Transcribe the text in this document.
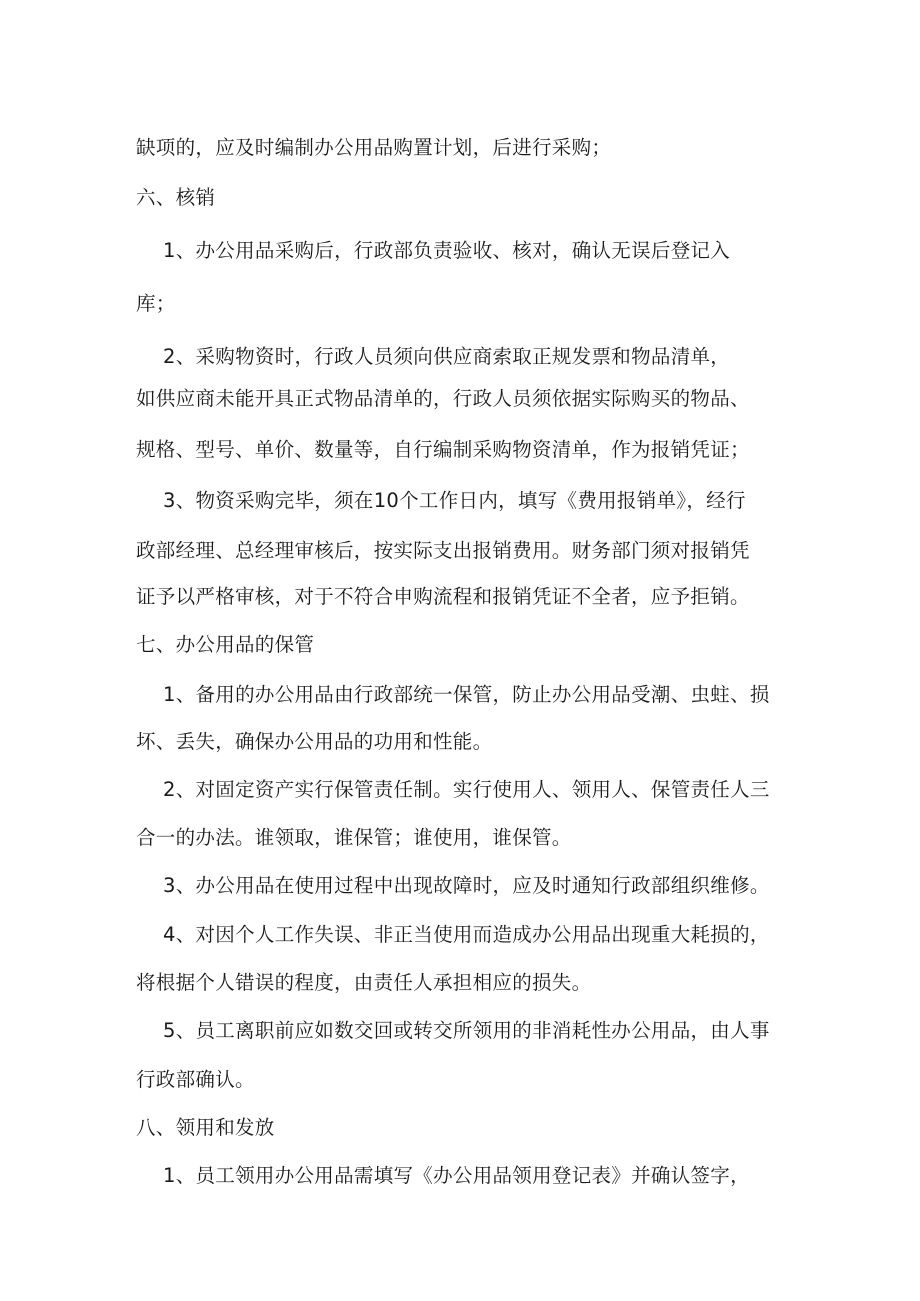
缺项的，应及时编制办公用品购置计划，后进行采购；
六、核销
1、办公用品采购后，行政部负责验收、核对，确认无误后登记入
库；
2、采购物资时，行政人员须向供应商索取正规发票和物品清单，
如供应商未能开具正式物品清单的，行政人员须依据实际购买的物品、
规格、型号、单价、数量等，自行编制采购物资清单，作为报销凭证；
3、物资采购完毕，须在10个工作日内，填写《费用报销单》，经行
政部经理、总经理审核后，按实际支出报销费用。财务部门须对报销凭
证予以严格审核，对于不符合申购流程和报销凭证不全者，应予拒销。
七、办公用品的保管
1、备用的办公用品由行政部统一保管，防止办公用品受潮、虫蛀、损
坏、丢失，确保办公用品的功用和性能。
2、对固定资产实行保管责任制。实行使用人、领用人、保管责任人三
合一的办法。谁领取，谁保管；谁使用，谁保管。
3、办公用品在使用过程中出现故障时，应及时通知行政部组织维修。
4、对因个人工作失误、非正当使用而造成办公用品出现重大耗损的，
将根据个人错误的程度，由责任人承担相应的损失。
5、员工离职前应如数交回或转交所领用的非消耗性办公用品，由人事
行政部确认。
八、领用和发放
1、员工领用办公用品需填写《办公用品领用登记表》并确认签字，
